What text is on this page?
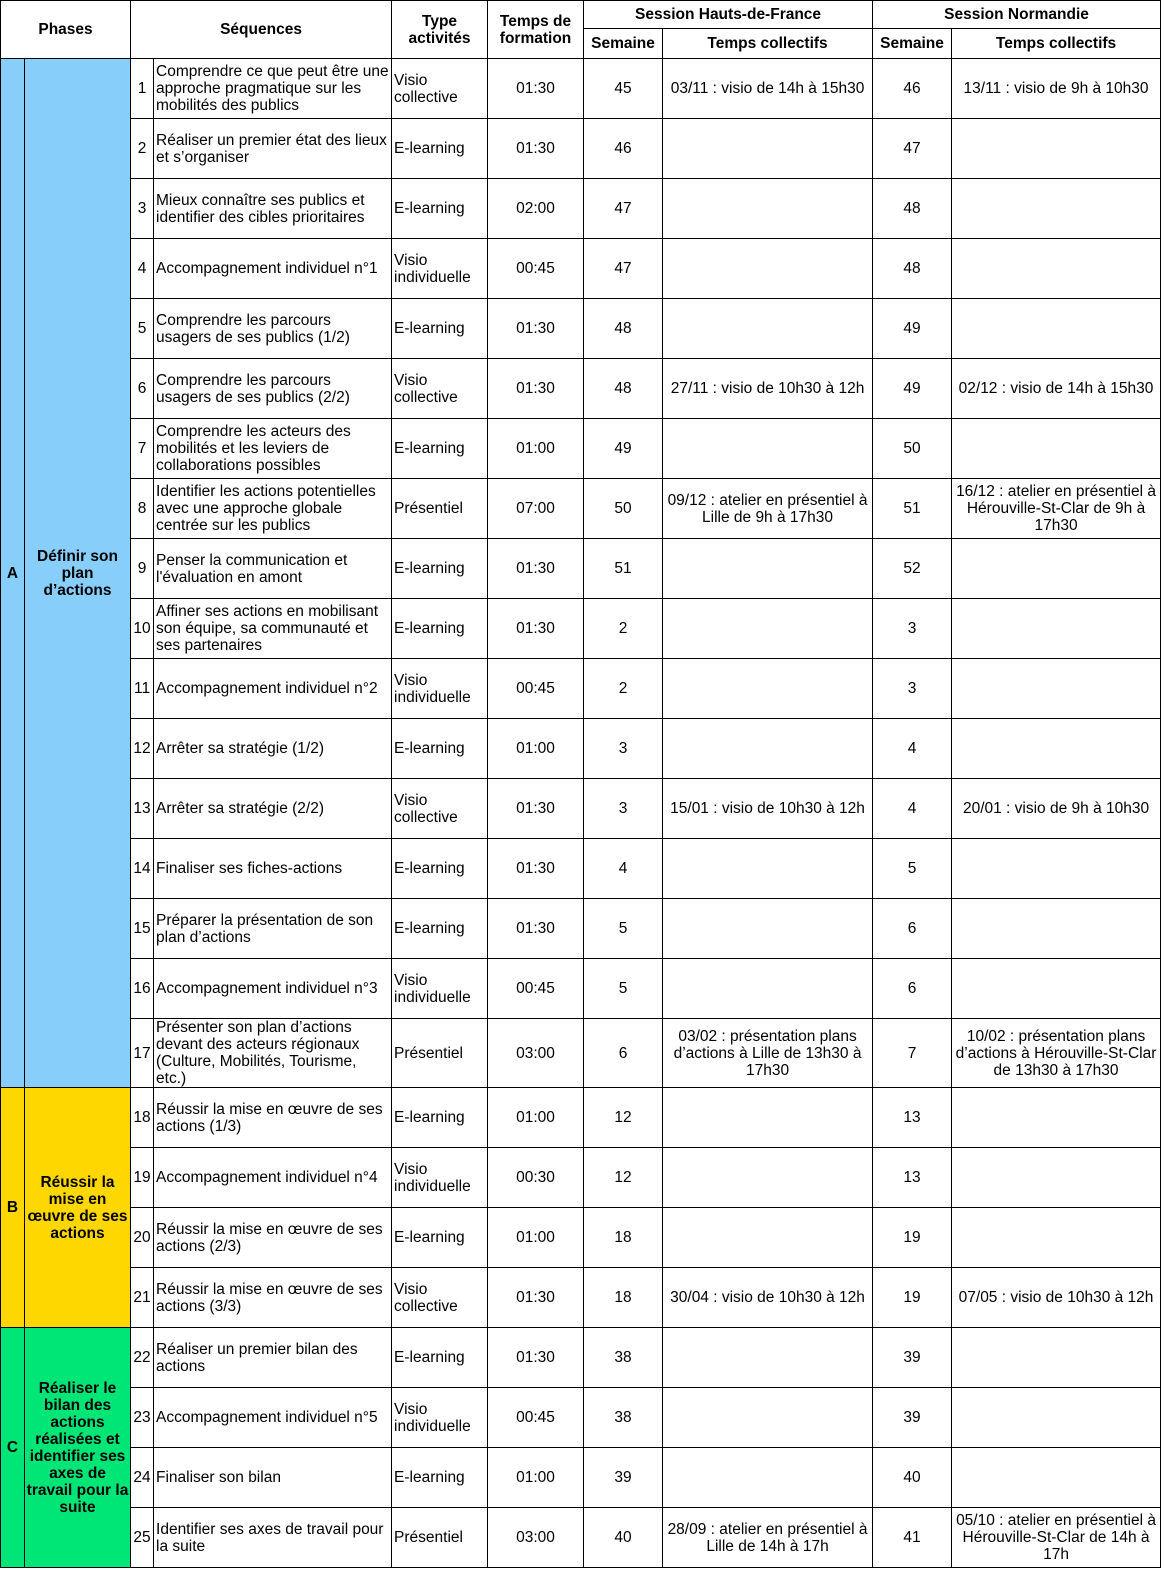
Phases		Séquences		Type activités	Temps de formation	Session Hauts-de-France		Session Normandie	
						Semaine	Temps collectifs	Semaine	Temps collectifs
A	Définir son plan d’actions	1	Comprendre ce que peut être une approche pragmatique sur les mobilités des publics	Visio collective	01:30	45	03/11 : visio de 14h à 15h30	46	13/11 : visio de 9h à 10h30
		2	Réaliser un premier état des lieux et s’organiser	E-learning	01:30	46		47	
		3	Mieux connaître ses publics et identifier des cibles prioritaires	E-learning	02:00	47		48	
		4	Accompagnement individuel n°1	Visio individuelle	00:45	47		48	
		5	Comprendre les parcours usagers de ses publics (1/2)	E-learning	01:30	48		49	
		6	Comprendre les parcours usagers de ses publics (2/2)	Visio collective	01:30	48	27/11 : visio de 10h30 à 12h	49	02/12 : visio de 14h à 15h30
		7	Comprendre les acteurs des mobilités et les leviers de collaborations possibles	E-learning	01:00	49		50	
		8	Identifier les actions potentielles avec une approche globale centrée sur les publics	Présentiel	07:00	50	09/12 : atelier en présentiel à Lille de 9h à 17h30	51	16/12 : atelier en présentiel à Hérouville-St-Clar de 9h à 17h30
		9	Penser la communication et l'évaluation en amont	E-learning	01:30	51		52	
		10	Affiner ses actions en mobilisant son équipe, sa communauté et ses partenaires	E-learning	01:30	2		3	
		11	Accompagnement individuel n°2	Visio individuelle	00:45	2		3	
		12	Arrêter sa stratégie (1/2)	E-learning	01:00	3		4	
		13	Arrêter sa stratégie (2/2)	Visio collective	01:30	3	15/01 : visio de 10h30 à 12h	4	20/01 : visio de 9h à 10h30
		14	Finaliser ses fiches-actions	E-learning	01:30	4		5	
		15	Préparer la présentation de son plan d’actions	E-learning	01:30	5		6	
		16	Accompagnement individuel n°3	Visio individuelle	00:45	5		6	
		17	Présenter son plan d’actions devant des acteurs régionaux (Culture, Mobilités, Tourisme, etc.)	Présentiel	03:00	6	03/02 : présentation plans d’actions à Lille de 13h30 à 17h30	7	10/02 : présentation plans d’actions à Hérouville-St-Clar de 13h30 à 17h30
B	Réussir la mise en œuvre de ses actions	18	Réussir la mise en œuvre de ses actions (1/3)	E-learning	01:00	12		13	
		19	Accompagnement individuel n°4	Visio individuelle	00:30	12		13	
		20	Réussir la mise en œuvre de ses actions (2/3)	E-learning	01:00	18		19	
		21	Réussir la mise en œuvre de ses actions (3/3)	Visio collective	01:30	18	30/04 : visio de 10h30 à 12h	19	07/05 : visio de 10h30 à 12h
C	Réaliser le bilan des actions réalisées et identifier ses axes de travail pour la suite	22	Réaliser un premier bilan des actions	E-learning	01:30	38		39	
		23	Accompagnement individuel n°5	Visio individuelle	00:45	38		39	
		24	Finaliser son bilan	E-learning	01:00	39		40	
		25	Identifier ses axes de travail pour la suite	Présentiel	03:00	40	28/09 : atelier en présentiel à Lille de 14h à 17h	41	05/10 : atelier en présentiel à Hérouville-St-Clar de 14h à 17h
